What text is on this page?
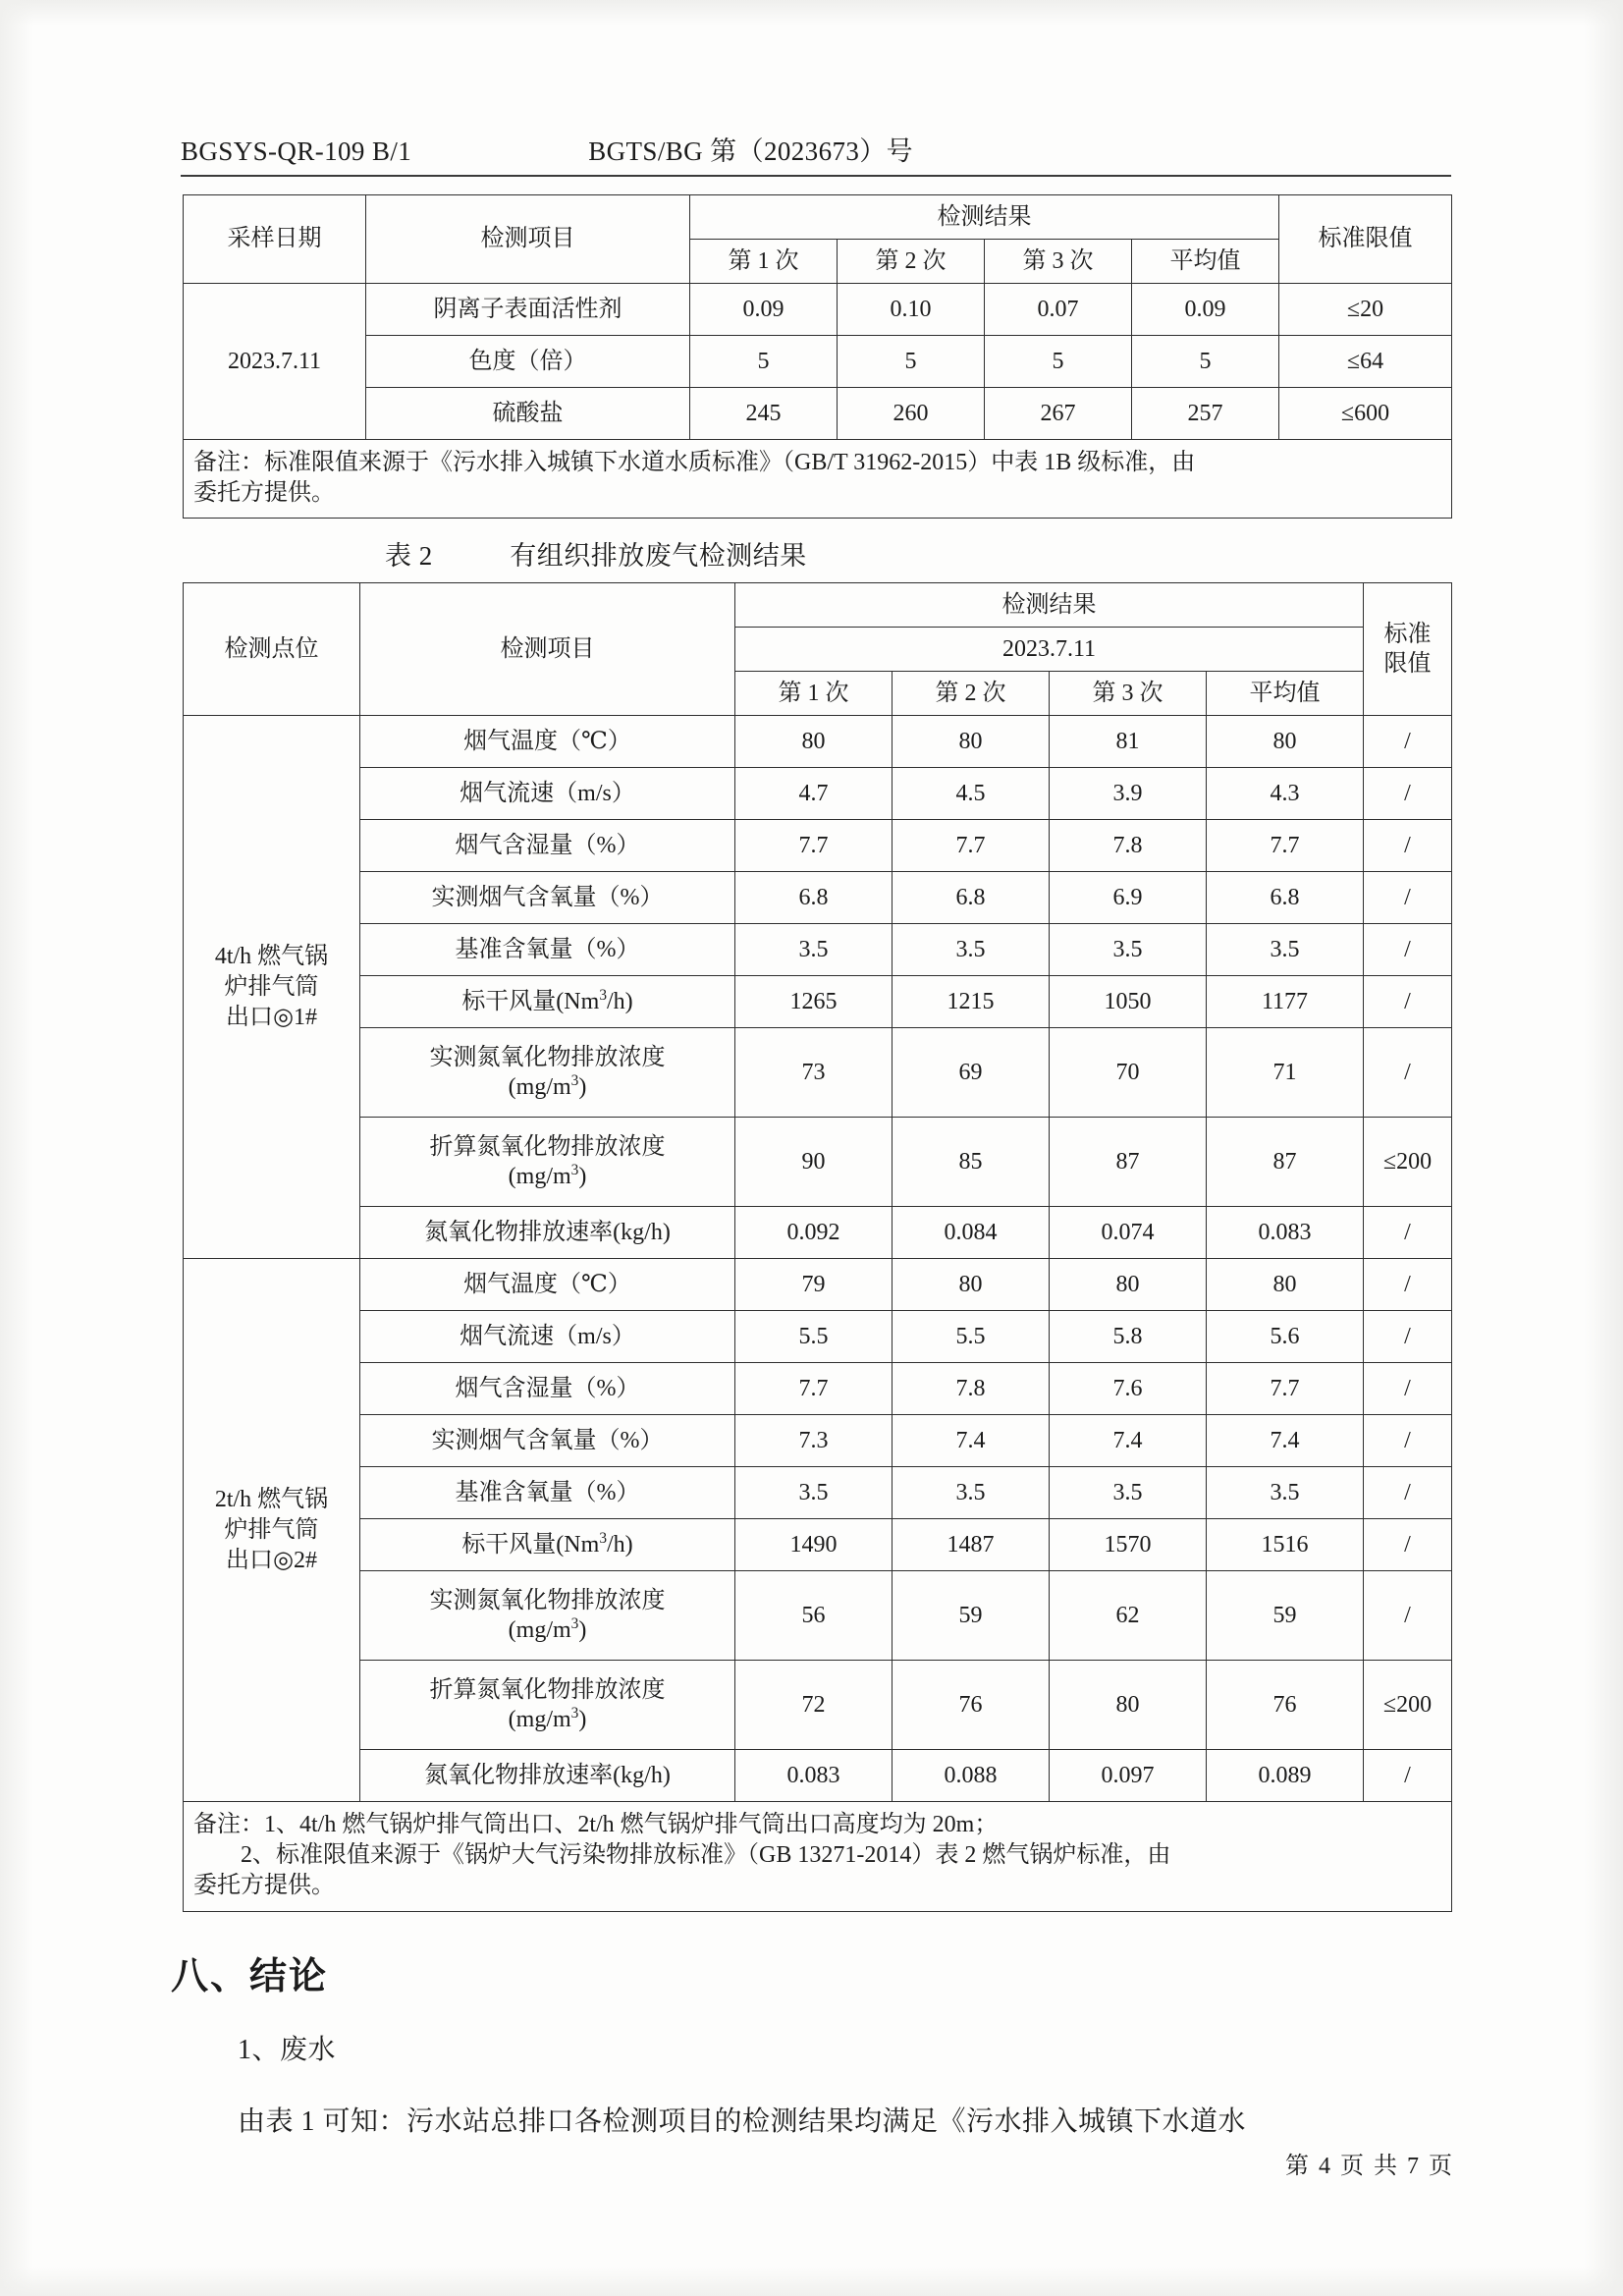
BGSYS-QR-109 B/1	BGTS/BG 第（2023673）号
采样日期	检测项目	检测结果				标准限值
		第 1 次	第 2 次	第 3 次	平均值	
2023.7.11	阴离子表面活性剂	0.09	0.10	0.07	0.09	≤20
	色度（倍）	5	5	5	5	≤64
	硫酸盐	245	260	267	257	≤600

备注：标准限值来源于《污水排入城镇下水道水质标准》（GB/T 31962-2015）中表 1B 级标准，由
委托方提供。						
表 2	有组织排放废气检测结果
检测点位	检测项目	检测结果				标准
限值

		2023.7.11				
		第 1 次	第 2 次	第 3 次	平均值	

4t/h 燃气锅
炉排气筒
出口◎1#	烟气温度（℃）	80	80	81	80	/
	烟气流速（m/s）	4.7	4.5	3.9	4.3	/
	烟气含湿量（%）	7.7	7.7	7.8	7.7	/
	实测烟气含氧量（%）	6.8	6.8	6.9	6.8	/
	基准含氧量（%）	3.5	3.5	3.5	3.5	/
	标干风量(Nm$^3$/h)	1265	1215	1050	1177	/
	实测氮氧化物排放浓度
$(mg/m^3)$	73	69	70	71	/
	折算氮氧化物排放浓度
$(mg/m^3)$	90	85	87	87	≤200
	氮氧化物排放速率(kg/h)	0.092	0.084	0.074	0.083	/

2t/h 燃气锅
炉排气筒
出口◎2#	烟气温度（℃）	79	80	80	80	/
	烟气流速（m/s）	5.5	5.5	5.8	5.6	/
	烟气含湿量（%）	7.7	7.8	7.6	7.7	/
	实测烟气含氧量（%）	7.3	7.4	7.4	7.4	/
	基准含氧量（%）	3.5	3.5	3.5	3.5	/
	标干风量(Nm$^3$/h)	1490	1487	1570	1516	/
	实测氮氧化物排放浓度
$(mg/m^3)$	56	59	62	59	/
	折算氮氧化物排放浓度
$(mg/m^3)$	72	76	80	76	≤200
	氮氧化物排放速率(kg/h)	0.083	0.088	0.097	0.089	/

备注：1、4t/h 燃气锅炉排气筒出口、2t/h 燃气锅炉排气筒出口高度均为 20m；
2、标准限值来源于《锅炉大气污染物排放标准》（GB 13271-2014）表 2 燃气锅炉标准，由
委托方提供。						
八、结论
1、废水
由表 1 可知：污水站总排口各检测项目的检测结果均满足《污水排入城镇下水道水
第 4 页 共 7 页
